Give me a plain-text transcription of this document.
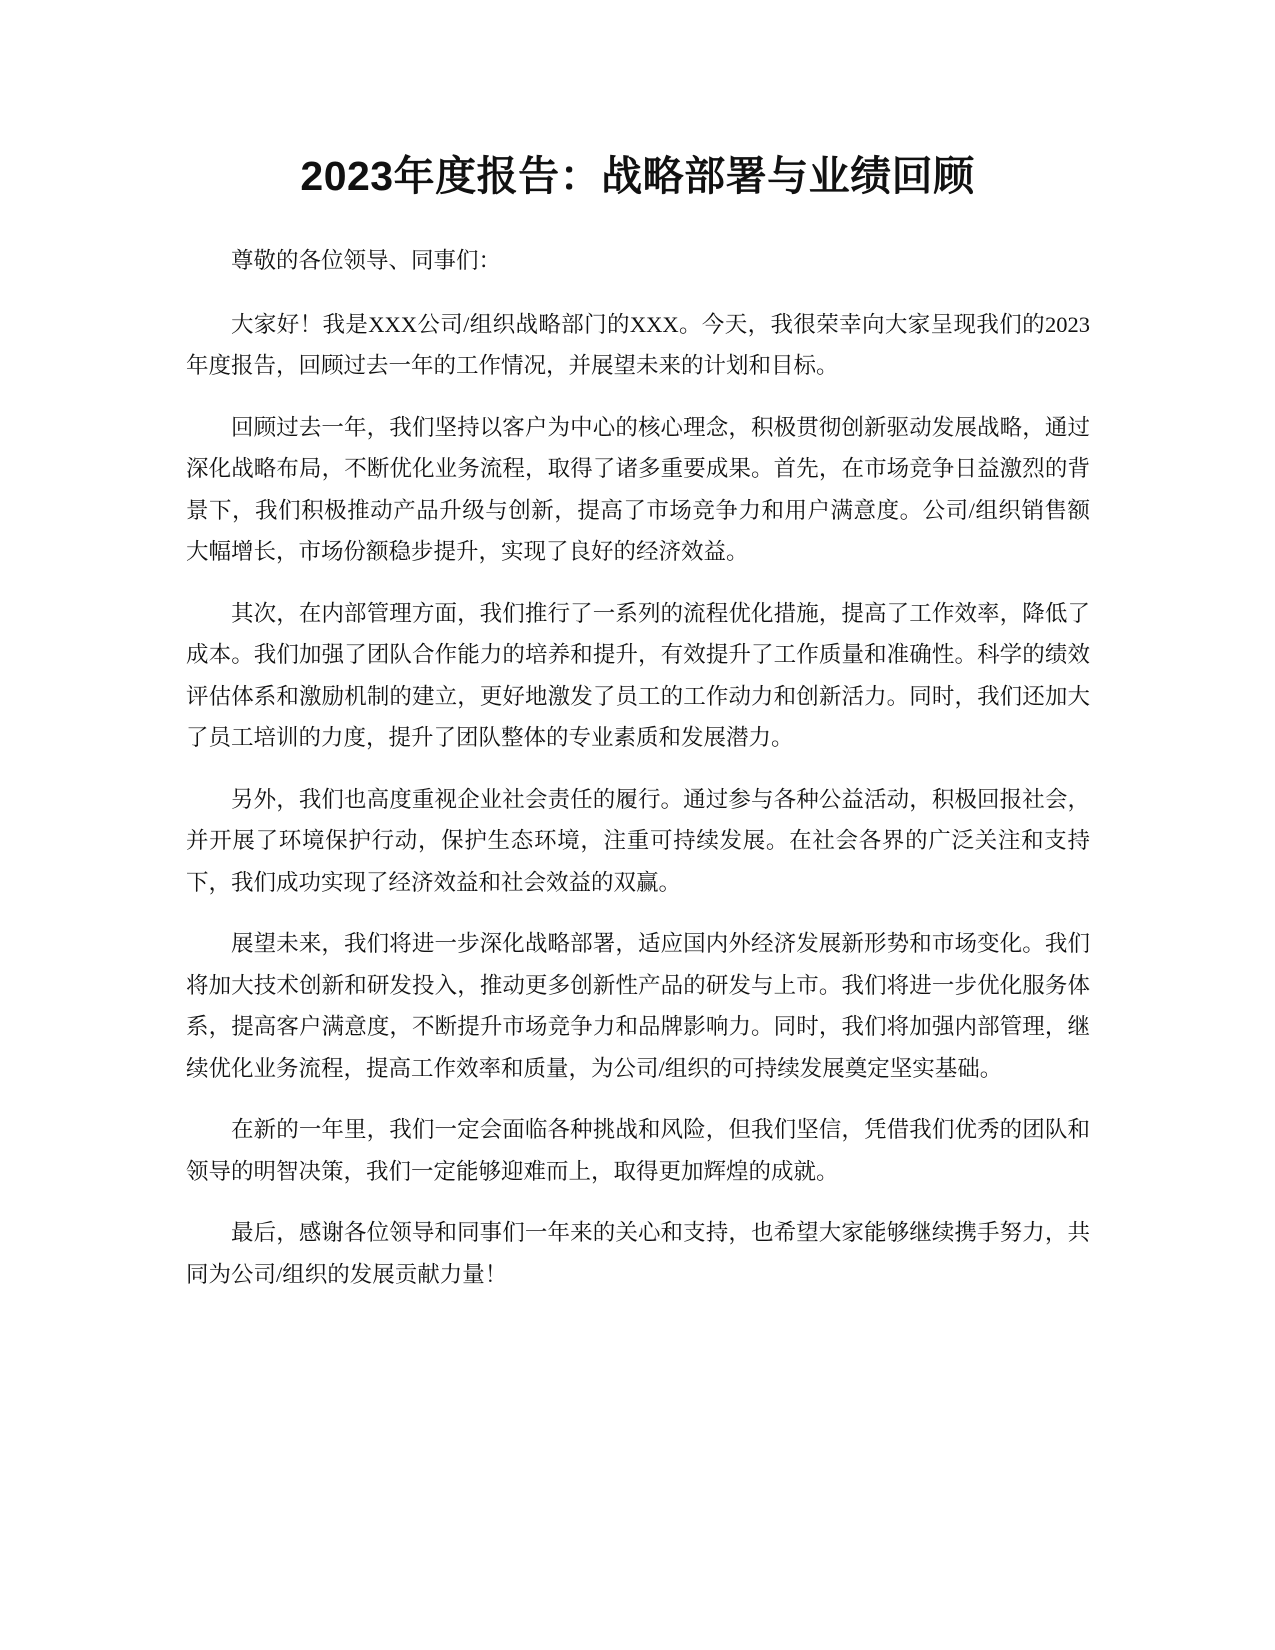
2023年度报告：战略部署与业绩回顾

尊敬的各位领导、同事们：

大家好！我是XXX公司/组织战略部门的XXX。今天，我很荣幸向大家呈现我们的2023年度报告，回顾过去一年的工作情况，并展望未来的计划和目标。

回顾过去一年，我们坚持以客户为中心的核心理念，积极贯彻创新驱动发展战略，通过深化战略布局，不断优化业务流程，取得了诸多重要成果。首先，在市场竞争日益激烈的背景下，我们积极推动产品升级与创新，提高了市场竞争力和用户满意度。公司/组织销售额大幅增长，市场份额稳步提升，实现了良好的经济效益。

其次，在内部管理方面，我们推行了一系列的流程优化措施，提高了工作效率，降低了成本。我们加强了团队合作能力的培养和提升，有效提升了工作质量和准确性。科学的绩效评估体系和激励机制的建立，更好地激发了员工的工作动力和创新活力。同时，我们还加大了员工培训的力度，提升了团队整体的专业素质和发展潜力。

另外，我们也高度重视企业社会责任的履行。通过参与各种公益活动，积极回报社会，并开展了环境保护行动，保护生态环境，注重可持续发展。在社会各界的广泛关注和支持下，我们成功实现了经济效益和社会效益的双赢。

展望未来，我们将进一步深化战略部署，适应国内外经济发展新形势和市场变化。我们将加大技术创新和研发投入，推动更多创新性产品的研发与上市。我们将进一步优化服务体系，提高客户满意度，不断提升市场竞争力和品牌影响力。同时，我们将加强内部管理，继续优化业务流程，提高工作效率和质量，为公司/组织的可持续发展奠定坚实基础。

在新的一年里，我们一定会面临各种挑战和风险，但我们坚信，凭借我们优秀的团队和领导的明智决策，我们一定能够迎难而上，取得更加辉煌的成就。

最后，感谢各位领导和同事们一年来的关心和支持，也希望大家能够继续携手努力，共同为公司/组织的发展贡献力量！
